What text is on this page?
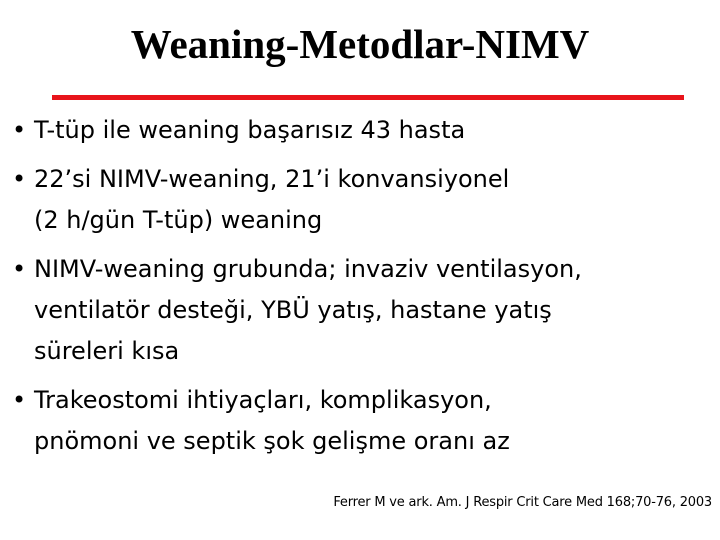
Weaning-Metodlar-NIMV
• T-tüp ile weaning başarısız 43 hasta
• 22’si NIMV-weaning, 21’i konvansiyonel
(2 h/gün T-tüp) weaning
• NIMV-weaning grubunda; invaziv ventilasyon,
ventilatör desteği, YBÜ yatış, hastane yatış
süreleri kısa
• Trakeostomi ihtiyaçları, komplikasyon,
pnömoni ve septik şok gelişme oranı az
Ferrer M ve ark. Am. J Respir Crit Care Med 168;70-76, 2003
